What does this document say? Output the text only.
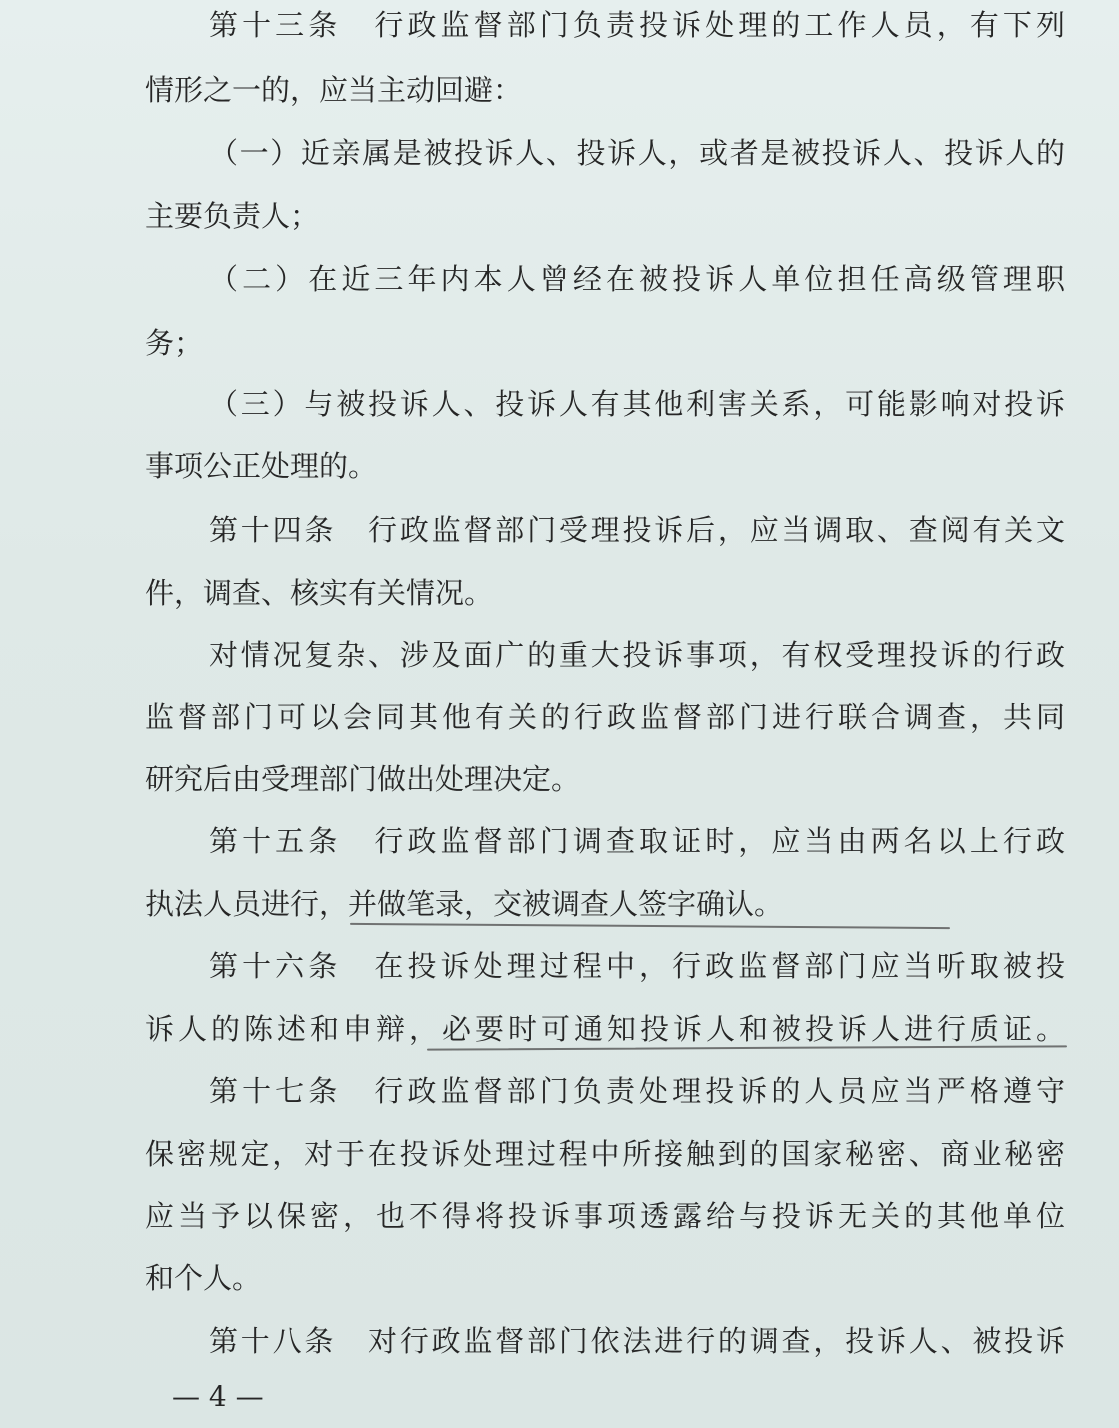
第十三条　行政监督部门负责投诉处理的工作人员，有下列
情形之一的，应当主动回避：
（一）近亲属是被投诉人、投诉人，或者是被投诉人、投诉人的
主要负责人；
（二）在近三年内本人曾经在被投诉人单位担任高级管理职
务；
（三）与被投诉人、投诉人有其他利害关系，可能影响对投诉
事项公正处理的。
第十四条　行政监督部门受理投诉后，应当调取、查阅有关文
件，调查、核实有关情况。
对情况复杂、涉及面广的重大投诉事项，有权受理投诉的行政
监督部门可以会同其他有关的行政监督部门进行联合调查，共同
研究后由受理部门做出处理决定。
第十五条　行政监督部门调查取证时，应当由两名以上行政
执法人员进行，并做笔录，交被调查人签字确认。
第十六条　在投诉处理过程中，行政监督部门应当听取被投
诉人的陈述和申辩，必要时可通知投诉人和被投诉人进行质证。
第十七条　行政监督部门负责处理投诉的人员应当严格遵守
保密规定，对于在投诉处理过程中所接触到的国家秘密、商业秘密
应当予以保密，也不得将投诉事项透露给与投诉无关的其他单位
和个人。
第十八条　对行政监督部门依法进行的调查，投诉人、被投诉
— 4 —
